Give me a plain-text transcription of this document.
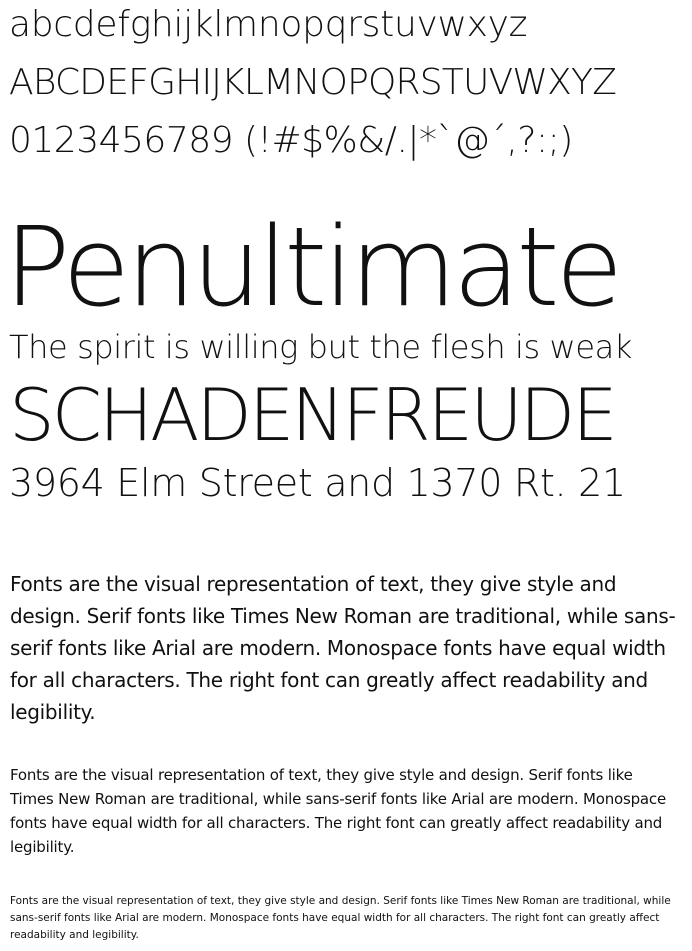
abcdefghijklmnopqrstuvwxyz
ABCDEFGHIJKLMNOPQRSTUVWXYZ
0123456789 (!#$%&/.|*`@´,?:;)
Penultimate
The spirit is willing but the flesh is weak
SCHADENFREUDE
3964 Elm Street and 1370 Rt. 21

Fonts are the visual representation of text, they give style and design. Serif fonts like Times New Roman are traditional, while sans-serif fonts like Arial are modern. Monospace fonts have equal width for all characters. The right font can greatly affect readability and legibility.

Fonts are the visual representation of text, they give style and design. Serif fonts like Times New Roman are traditional, while sans-serif fonts like Arial are modern. Monospace fonts have equal width for all characters. The right font can greatly affect readability and legibility.

Fonts are the visual representation of text, they give style and design. Serif fonts like Times New Roman are traditional, while sans-serif fonts like Arial are modern. Monospace fonts have equal width for all characters. The right font can greatly affect readability and legibility.
